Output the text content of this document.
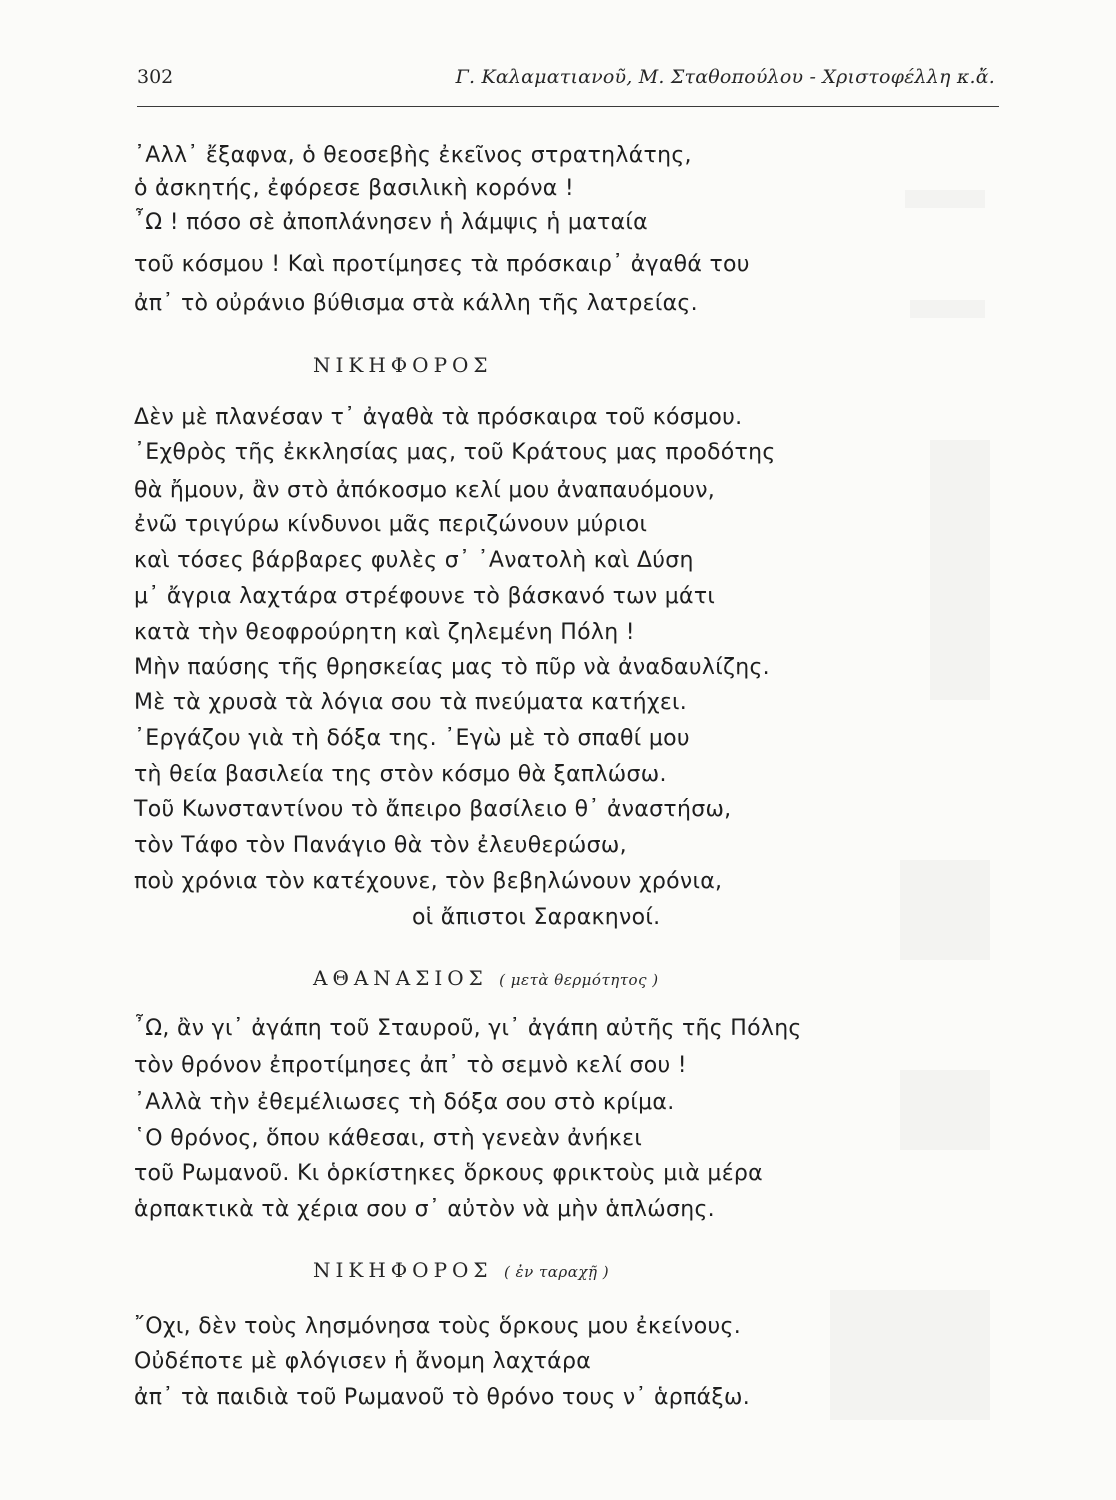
302	Γ. Καλαματιανοῦ, Μ. Σταθοπούλου - Χριστοφέλλη κ.ἄ.
᾿Αλλ᾿ ἔξαφνα, ὁ θεοσεβὴς ἐκεῖνος στρατηλάτης,
ὁ ἀσκητής, ἐφόρεσε βασιλικὴ κορόνα !
῏Ω ! πόσο σὲ ἀποπλάνησεν ἡ λάμψις ἡ ματαία
τοῦ κόσμου ! Καὶ προτίμησες τὰ πρόσκαιρ᾿ ἀγαθά του
ἀπ᾿ τὸ οὐράνιο βύθισμα στὰ κάλλη τῆς λατρείας.
ΝΙΚΗΦΟΡΟΣ
Δὲν μὲ πλανέσαν τ᾿ ἀγαθὰ τὰ πρόσκαιρα τοῦ κόσμου.
᾿Εχθρὸς τῆς ἐκκλησίας μας, τοῦ Κράτους μας προδότης
θὰ ἤμουν, ἂν στὸ ἀπόκοσμο κελί μου ἀναπαυόμουν,
ἐνῶ τριγύρω κίνδυνοι μᾶς περιζώνουν μύριοι
καὶ τόσες βάρβαρες φυλὲς σ᾿ ᾿Ανατολὴ καὶ Δύση
μ᾿ ἄγρια λαχτάρα στρέφουνε τὸ βάσκανό των μάτι
κατὰ τὴν θεοφρούρητη καὶ ζηλεμένη Πόλη !
Μὴν παύσης τῆς θρησκείας μας τὸ πῦρ νὰ ἀναδαυλίζης.
Μὲ τὰ χρυσὰ τὰ λόγια σου τὰ πνεύματα κατήχει.
᾿Εργάζου γιὰ τὴ δόξα της. ᾿Εγὼ μὲ τὸ σπαθί μου
τὴ θεία βασιλεία της στὸν κόσμο θὰ ξαπλώσω.
Τοῦ Κωνσταντίνου τὸ ἄπειρο βασίλειο θ᾿ ἀναστήσω,
τὸν Τάφο τὸν Πανάγιο θὰ τὸν ἐλευθερώσω,
ποὺ χρόνια τὸν κατέχουνε, τὸν βεβηλώνουν χρόνια,
οἱ ἄπιστοι Σαρακηνοί.
ΑΘΑΝΑΣΙΟΣ ( μετὰ θερμότητος )
῏Ω, ἂν γι᾿ ἀγάπη τοῦ Σταυροῦ, γι᾿ ἀγάπη αὐτῆς τῆς Πόλης
τὸν θρόνον ἐπροτίμησες ἀπ᾿ τὸ σεμνὸ κελί σου !
᾿Αλλὰ τὴν ἐθεμέλιωσες τὴ δόξα σου στὸ κρίμα.
῾Ο θρόνος, ὅπου κάθεσαι, στὴ γενεὰν ἀνήκει
τοῦ Ρωμανοῦ. Κι ὁρκίστηκες ὅρκους φρικτοὺς μιὰ μέρα
ἁρπακτικὰ τὰ χέρια σου σ᾿ αὐτὸν νὰ μὴν ἁπλώσης.
ΝΙΚΗΦΟΡΟΣ ( ἐν ταραχῇ )
῎Οχι, δὲν τοὺς λησμόνησα τοὺς ὅρκους μου ἐκείνους.
Οὐδέποτε μὲ φλόγισεν ἡ ἄνομη λαχτάρα
ἀπ᾿ τὰ παιδιὰ τοῦ Ρωμανοῦ τὸ θρόνο τους ν᾿ ἁρπάξω.
